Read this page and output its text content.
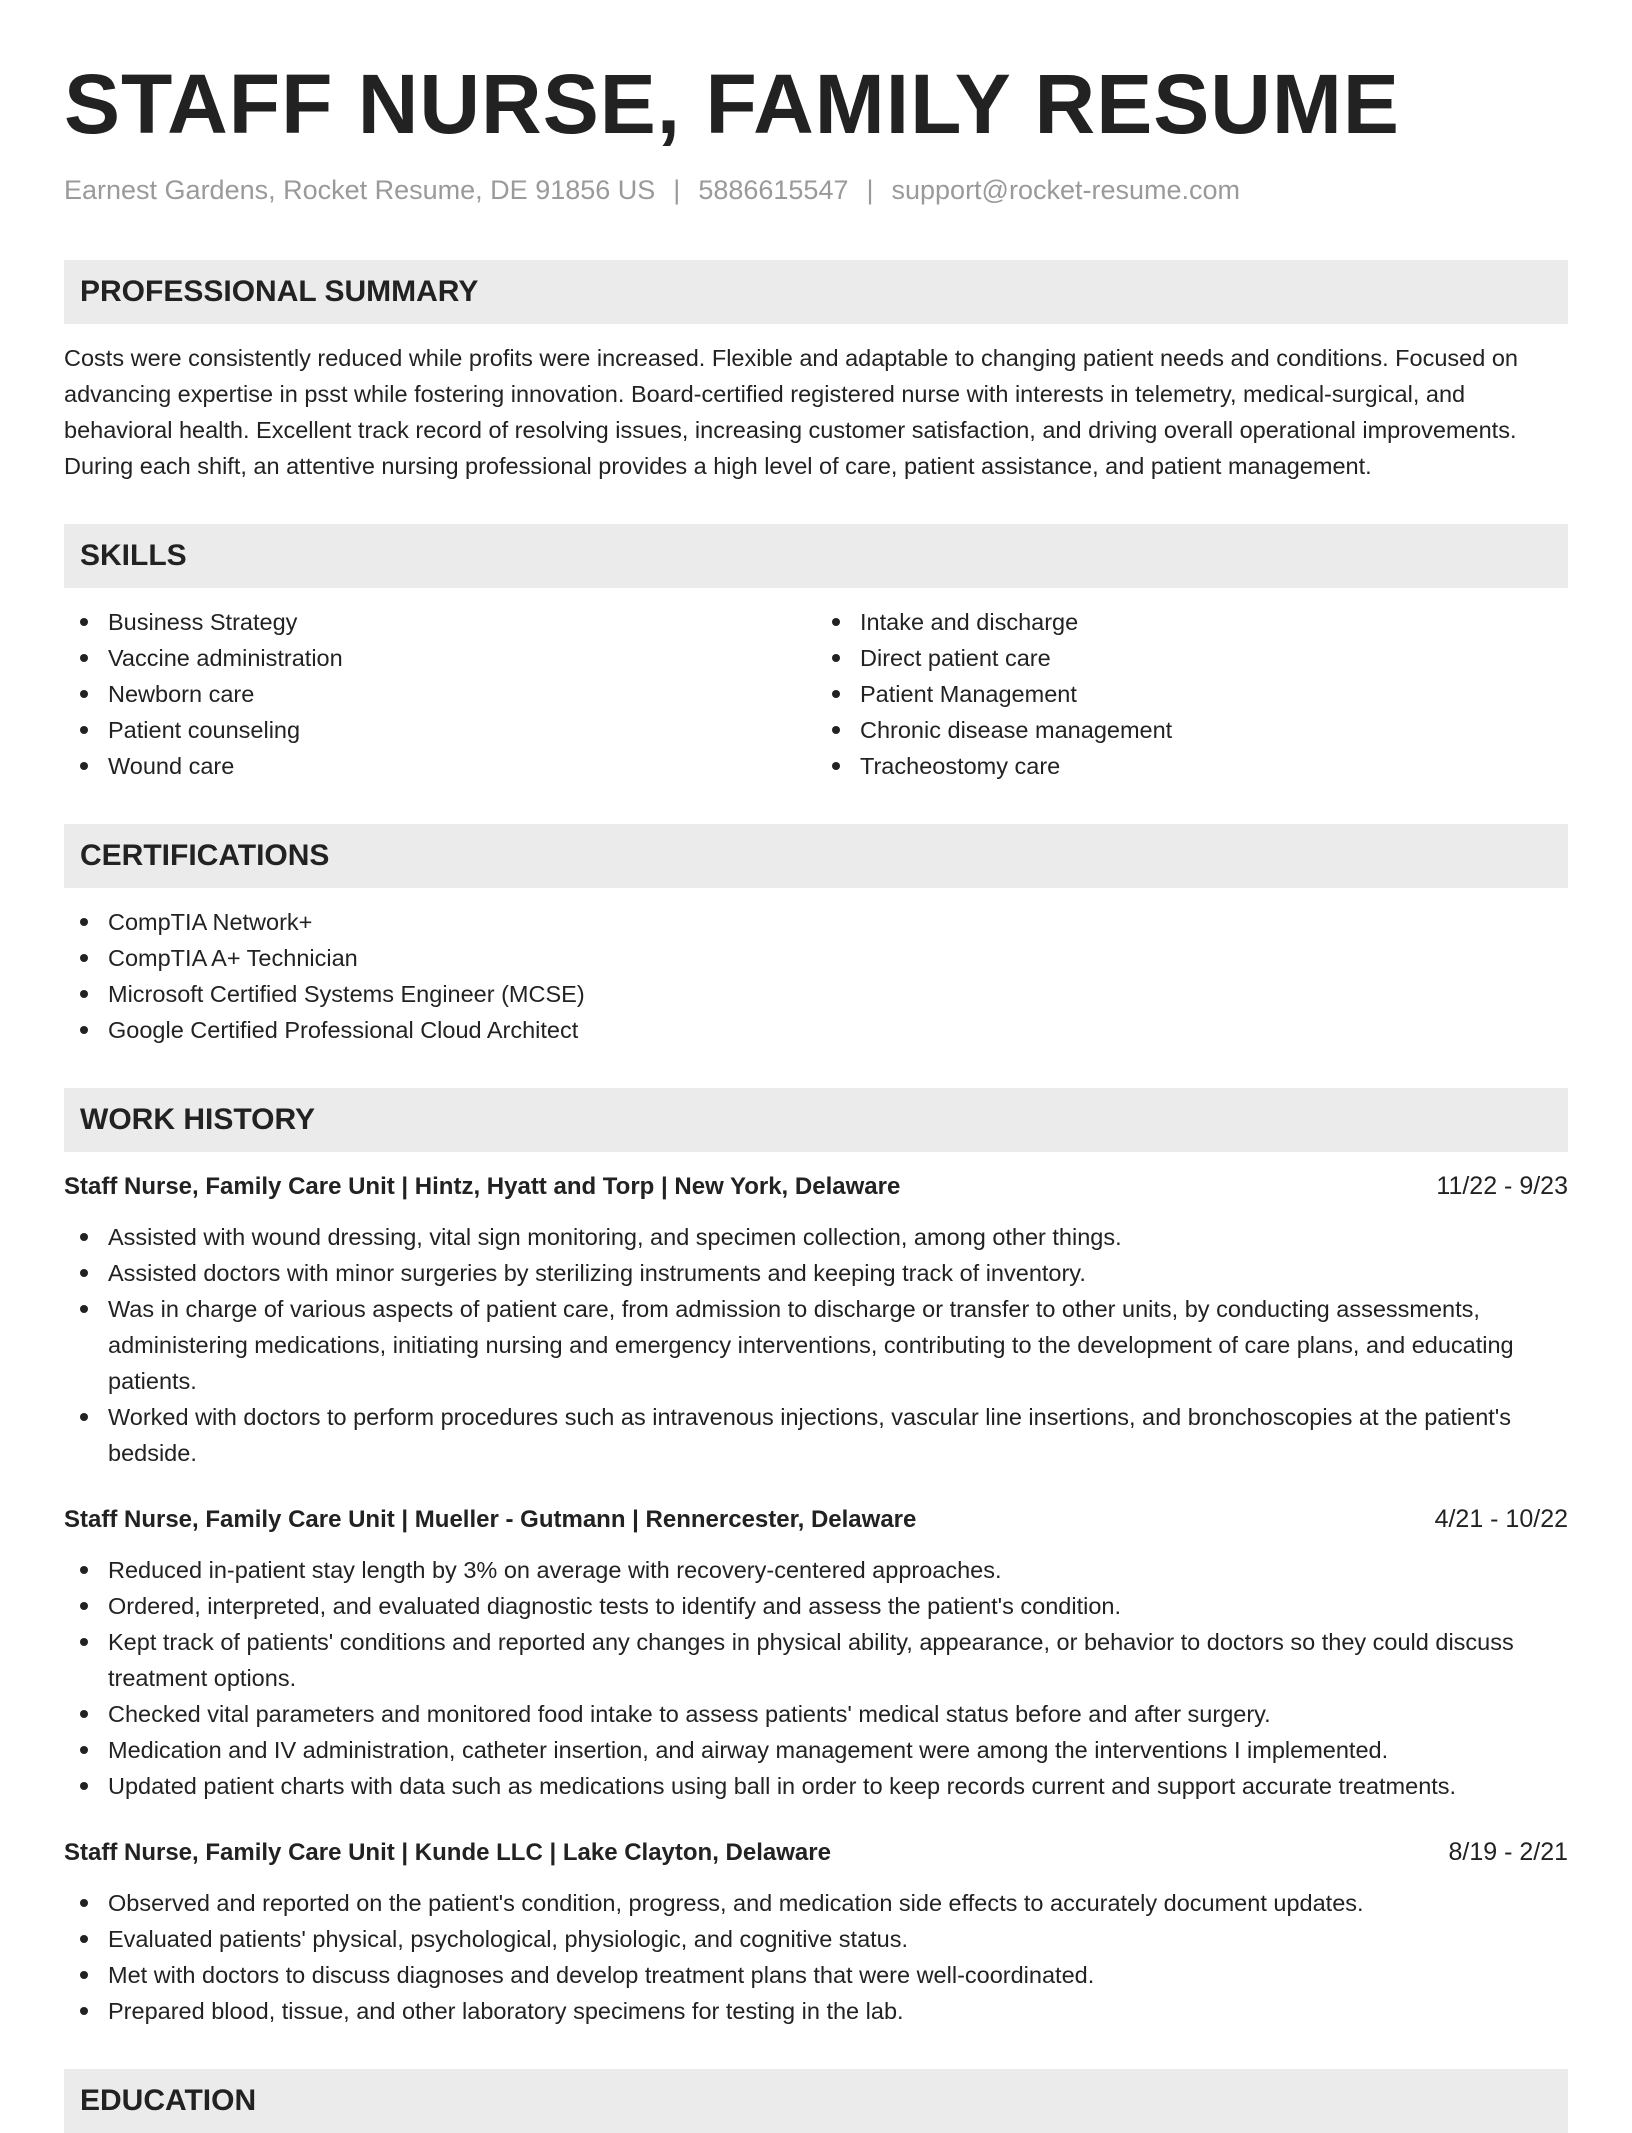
STAFF NURSE, FAMILY RESUME
Earnest Gardens, Rocket Resume, DE 91856 US | 5886615547 | support@rocket-resume.com
PROFESSIONAL SUMMARY
Costs were consistently reduced while profits were increased. Flexible and adaptable to changing patient needs and conditions. Focused on advancing expertise in psst while fostering innovation. Board-certified registered nurse with interests in telemetry, medical-surgical, and behavioral health. Excellent track record of resolving issues, increasing customer satisfaction, and driving overall operational improvements. During each shift, an attentive nursing professional provides a high level of care, patient assistance, and patient management.
SKILLS
Business Strategy
Vaccine administration
Newborn care
Patient counseling
Wound care
Intake and discharge
Direct patient care
Patient Management
Chronic disease management
Tracheostomy care
CERTIFICATIONS
CompTIA Network+
CompTIA A+ Technician
Microsoft Certified Systems Engineer (MCSE)
Google Certified Professional Cloud Architect
WORK HISTORY
Staff Nurse, Family Care Unit | Hintz, Hyatt and Torp | New York, Delaware	11/22 - 9/23
Assisted with wound dressing, vital sign monitoring, and specimen collection, among other things.
Assisted doctors with minor surgeries by sterilizing instruments and keeping track of inventory.
Was in charge of various aspects of patient care, from admission to discharge or transfer to other units, by conducting assessments, administering medications, initiating nursing and emergency interventions, contributing to the development of care plans, and educating patients.
Worked with doctors to perform procedures such as intravenous injections, vascular line insertions, and bronchoscopies at the patient's bedside.
Staff Nurse, Family Care Unit | Mueller - Gutmann | Rennercester, Delaware	4/21 - 10/22
Reduced in-patient stay length by 3% on average with recovery-centered approaches.
Ordered, interpreted, and evaluated diagnostic tests to identify and assess the patient's condition.
Kept track of patients' conditions and reported any changes in physical ability, appearance, or behavior to doctors so they could discuss treatment options.
Checked vital parameters and monitored food intake to assess patients' medical status before and after surgery.
Medication and IV administration, catheter insertion, and airway management were among the interventions I implemented.
Updated patient charts with data such as medications using ball in order to keep records current and support accurate treatments.
Staff Nurse, Family Care Unit | Kunde LLC | Lake Clayton, Delaware	8/19 - 2/21
Observed and reported on the patient's condition, progress, and medication side effects to accurately document updates.
Evaluated patients' physical, psychological, physiologic, and cognitive status.
Met with doctors to discuss diagnoses and develop treatment plans that were well-coordinated.
Prepared blood, tissue, and other laboratory specimens for testing in the lab.
EDUCATION
